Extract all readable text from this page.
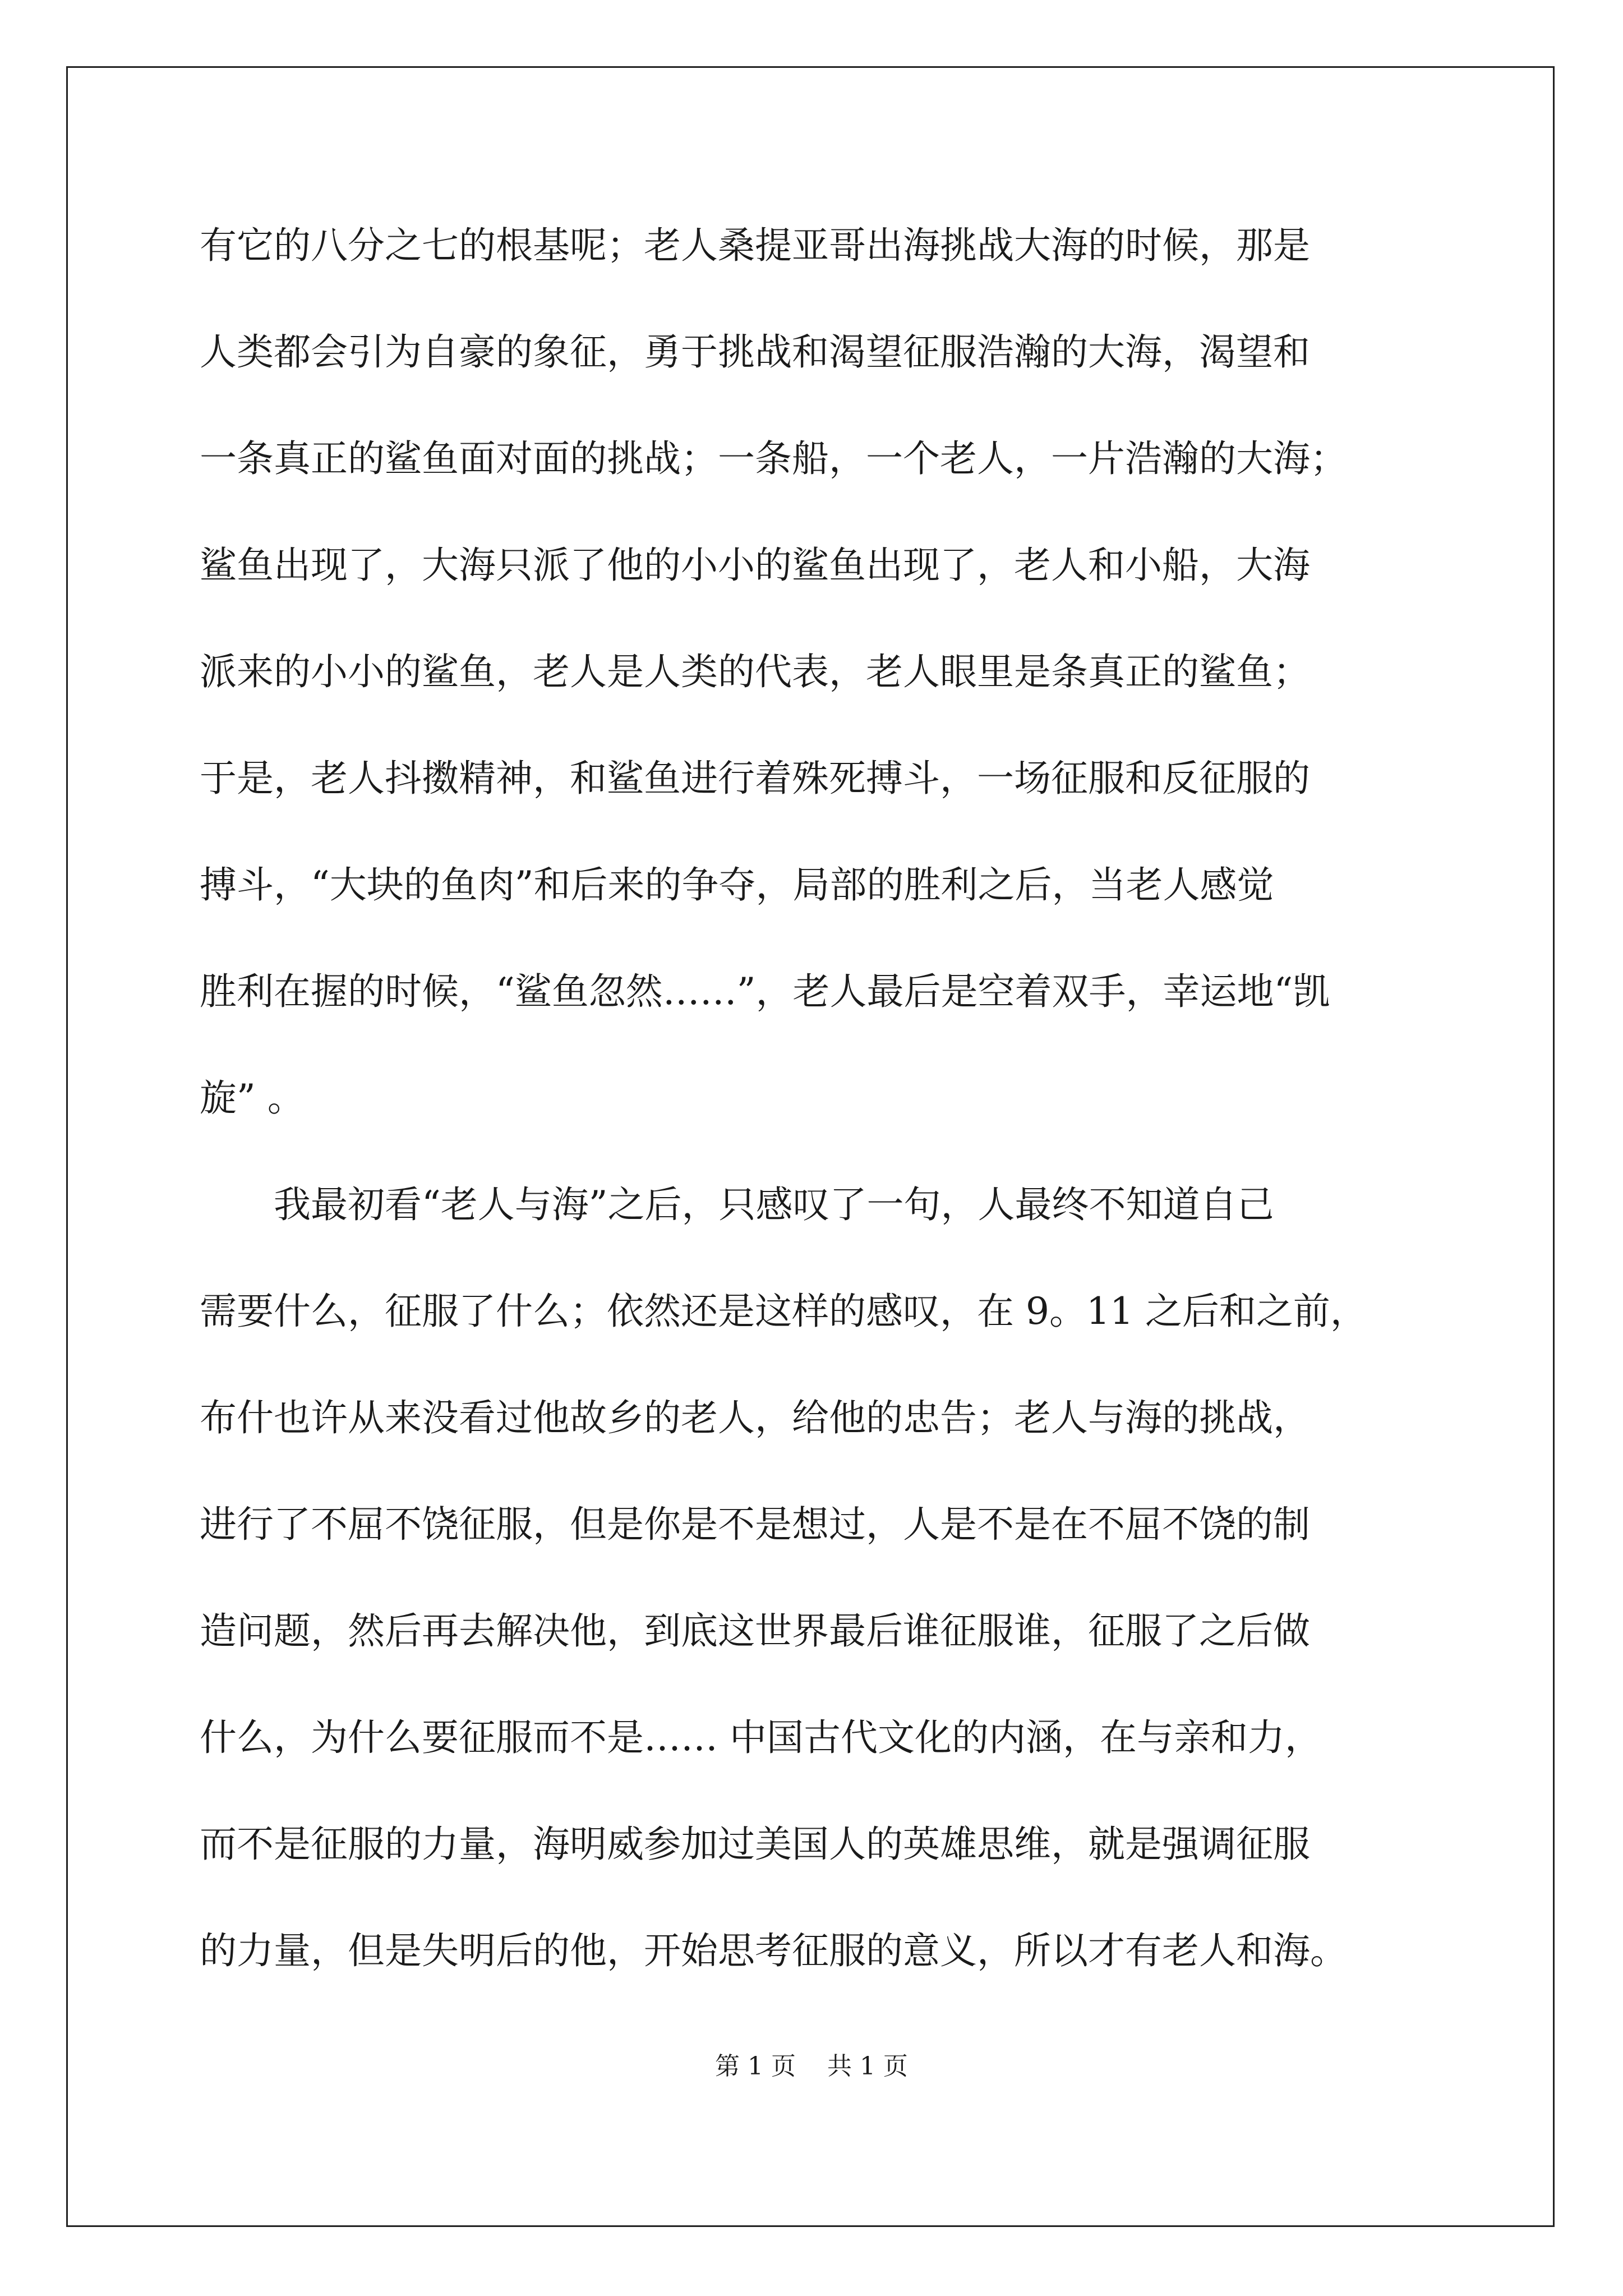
有它的八分之七的根基呢；老人桑提亚哥出海挑战大海的时候，那是
人类都会引为自豪的象征，勇于挑战和渴望征服浩瀚的大海，渴望和
一条真正的鲨鱼面对面的挑战；一条船，一个老人，一片浩瀚的大海；
鲨鱼出现了，大海只派了他的小小的鲨鱼出现了，老人和小船，大海
派来的小小的鲨鱼，老人是人类的代表，老人眼里是条真正的鲨鱼；
于是，老人抖擞精神，和鲨鱼进行着殊死搏斗，一场征服和反征服的
搏斗，“大块的鱼肉”和后来的争夺，局部的胜利之后，当老人感觉
胜利在握的时候，“鲨鱼忽然……”，老人最后是空着双手，幸运地“凯
旋” 。
我最初看“老人与海”之后，只感叹了一句，人最终不知道自己
需要什么，征服了什么；依然还是这样的感叹，在 9。11 之后和之前，
布什也许从来没看过他故乡的老人，给他的忠告；老人与海的挑战，
进行了不屈不饶征服，但是你是不是想过，人是不是在不屈不饶的制
造问题，然后再去解决他，到底这世界最后谁征服谁，征服了之后做
什么，为什么要征服而不是…… 中国古代文化的内涵，在与亲和力，
而不是征服的力量，海明威参加过美国人的英雄思维，就是强调征服
的力量，但是失明后的他，开始思考征服的意义，所以才有老人和海。
第 1 页    共 1 页
